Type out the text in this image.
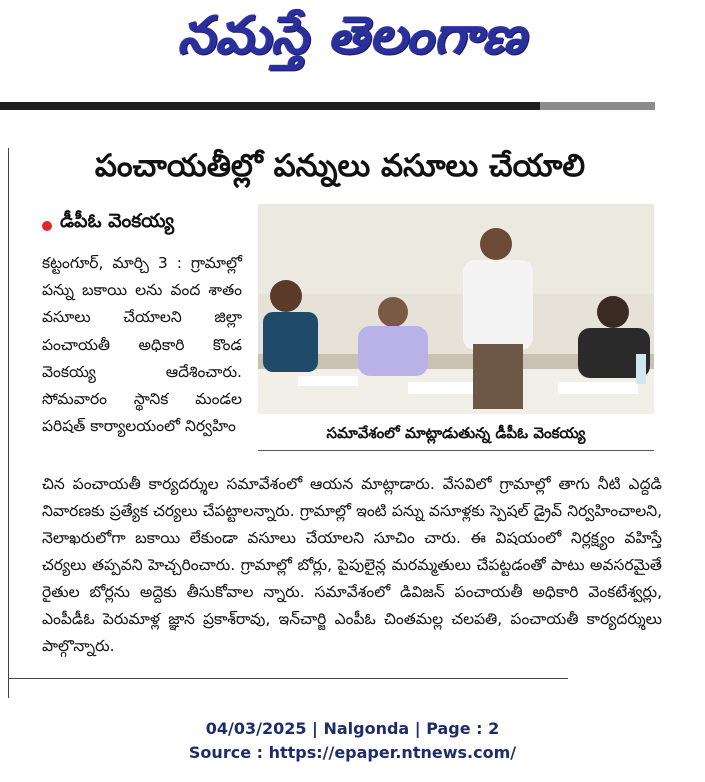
నమస్తే తెలంగాణ
పంచాయతీల్లో పన్నులు వసూలు చేయాలి
డీపీఓ వెంకయ్య
కట్టంగూర్, మార్చి 3 : గ్రామాల్లో పన్ను బకాయి లను వంద శాతం వసూలు చేయాలని జిల్లా పంచాయతీ అధికారి కొండ వెంకయ్య ఆదేశించారు. సోమవారం స్థానిక మండల పరిషత్ కార్యాలయంలో నిర్వహిం	సమావేశంలో మాట్లాడుతున్న డీపీఓ వెంకయ్య
చిన పంచాయతీ కార్యదర్శుల సమావేశంలో ఆయన మాట్లాడారు. వేసవిలో గ్రామాల్లో తాగు నీటి ఎద్దడి నివారణకు ప్రత్యేక చర్యలు చేపట్టాలన్నారు. గ్రామాల్లో ఇంటి పన్ను వసూళ్లకు స్పెషల్ డ్రైవ్ నిర్వహించాలని, నెలాఖరులోగా బకాయి లేకుండా వసూలు చేయాలని సూచిం చారు. ఈ విషయంలో నిర్లక్ష్యం వహిస్తే చర్యలు తప్పవని హెచ్చరించారు. గ్రామాల్లో బోర్లు, పైపులైన్ల మరమ్మతులు చేపట్టడంతో పాటు అవసరమైతే రైతుల బోర్లను అద్దెకు తీసుకోవాల న్నారు. సమావేశంలో డివిజన్ పంచాయతీ అధికారి వెంకటేశ్వర్లు, ఎంపీడీఓ పెరుమాళ్ల జ్ఞాన ప్రకాశ్‌రావు, ఇన్‌చార్జి ఎంపీఓ చింతమల్ల చలపతి, పంచాయతీ కార్యదర్శులు పాల్గొన్నారు.
04/03/2025 | Nalgonda | Page : 2
Source : https://epaper.ntnews.com/
